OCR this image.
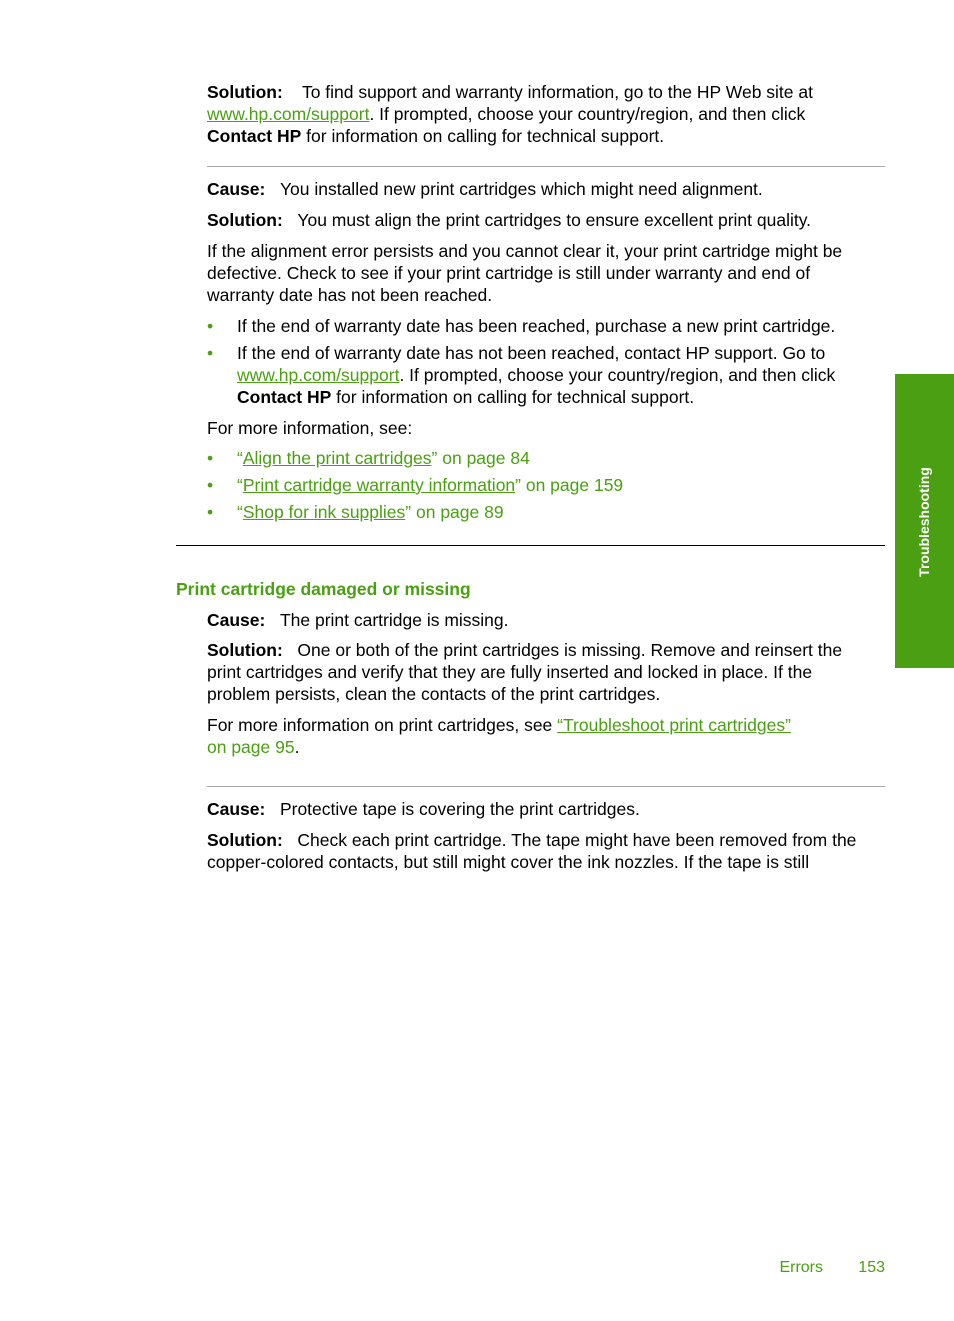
Solution: To find support and warranty information, go to the HP Web site at
www.hp.com/support. If prompted, choose your country/region, and then click
Contact HP for information on calling for technical support.

Cause: You installed new print cartridges which might need alignment.

Solution: You must align the print cartridges to ensure excellent print quality.

If the alignment error persists and you cannot clear it, your print cartridge might be defective. Check to see if your print cartridge is still under warranty and end of warranty date has not been reached.

• If the end of warranty date has been reached, purchase a new print cartridge.
• If the end of warranty date has not been reached, contact HP support. Go to
www.hp.com/support. If prompted, choose your country/region, and then click
Contact HP for information on calling for technical support.

For more information, see:

• “Align the print cartridges” on page 84
• “Print cartridge warranty information” on page 159
• “Shop for ink supplies” on page 89
Print cartridge damaged or missing

Cause: The print cartridge is missing.

Solution: One or both of the print cartridges is missing. Remove and reinsert the print cartridges and verify that they are fully inserted and locked in place. If the problem persists, clean the contacts of the print cartridges.

For more information on print cartridges, see “Troubleshoot print cartridges”
on page 95.

Cause: Protective tape is covering the print cartridges.

Solution: Check each print cartridge. The tape might have been removed from the copper-colored contacts, but still might cover the ink nozzles. If the tape is still

Troubleshooting
Errors	153
